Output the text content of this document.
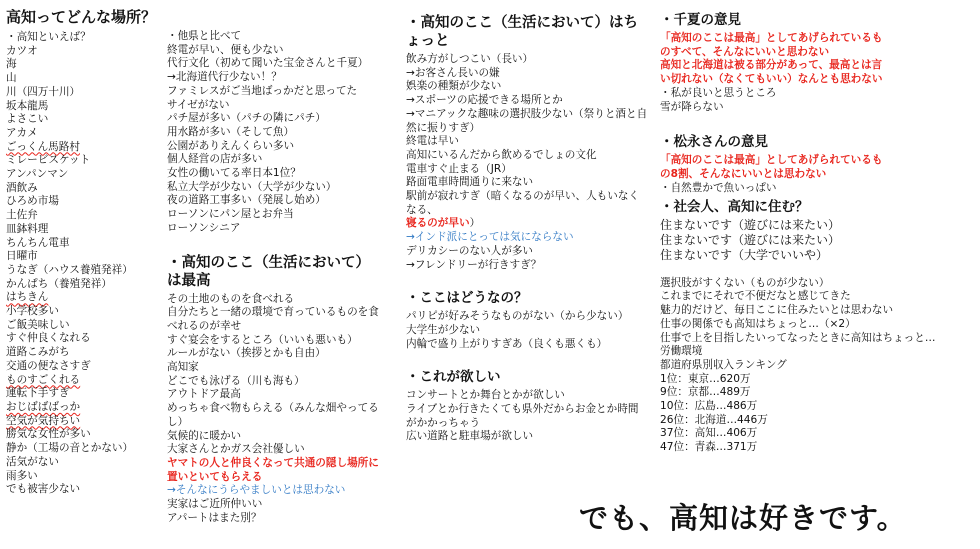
高知ってどんな場所？
・高知といえば？
カツオ
海
山
川（四万十川）
坂本龍馬
よさこい
アカメ
ごっくん馬路村
ミレービスケット
アンパンマン
酒飲み
ひろめ市場
土佐弁
皿鉢料理
ちんちん電車
日曜市
うなぎ（ハウス養殖発祥）
かんぱち（養殖発祥）
はちきん
小学校多い
ご飯美味しい
すぐ仲良くなれる
道路こみがち
交通の便なさすぎ
ものすごくれる
運転下手すぎ
おじばばばっか
空気が気持ちい
勝気な女性が多い
静か（工場の音とかない）
活気がない
雨多い
でも被害少ない
・他県と比べて
終電が早い、便も少ない
代行文化（初めて聞いた宝金さんと千夏）
→北海道代行少ない！？
ファミレスがご当地ばっかだと思ってた
サイゼがない
パチ屋が多い（パチの隣にパチ）
用水路が多い（そして魚）
公園がありえんくらい多い
個人経営の店が多い
女性の働いてる率日本1位？
私立大学が少ない（大学が少ない）
夜の道路工事多い（発展し始め）
ローソンにパン屋とお弁当
ローソンシニア
・高知のここ（生活において）は最高
その土地のものを食べれる
自分たちと一緒の環境で育っているものを食べれるのが幸せ
すぐ宴会をするところ（いいも悪いも）
ルールがない（挨拶とかも自由）
高知家
どこでも泳げる（川も海も）
アウトドア最高
めっちゃ食べ物もらえる（みんな畑やってるし）
気候的に暖かい
大家さんとかガス会社優しい
ヤマトの人と仲良くなって共通の隠し場所に置いといてもらえる
→そんなにうらやましいとは思わない
実家はご近所仲いい
アパートはまた別？
・高知のここ（生活において）はちょっと
飲み方がしつこい（長い）
→お客さん長いの嫌
娯楽の種類が少ない
→スポーツの応援できる場所とか
→マニアックな趣味の選択肢少ない（祭りと酒と自然に振りすぎ）
終電は早い
高知にいるんだから飲めるでしょの文化
電車すぐ止まる（JR）
路面電車時間通りに来ない
駅前が寂れすぎ（暗くなるのが早い、人もいなくなる、
寝るのが早い）
→インド派にとっては気にならない
デリカシーのない人が多い
→フレンドリーが行きすぎ？
・ここはどうなの？
パリピが好みそうなものがない（から少ない）
大学生が少ない
内輪で盛り上がりすぎあ（良くも悪くも）
・これが欲しい
コンサートとか舞台とかが欲しい
ライブとか行きたくても県外だからお金とか時間がかかっちゃう
広い道路と駐車場が欲しい
・千夏の意見
「高知のここは最高」としてあげられているものすべて、そんなにいいと思わない
高知と北海道は被る部分があって、最高とは言い切れない（なくてもいい）なんとも思わない
・私が良いと思うところ
雪が降らない
・松永さんの意見
「高知のここは最高」としてあげられているもの8割、そんなにいいとは思わない
・自然豊かで魚いっぱい
・社会人、高知に住む？
住まないです（遊びには来たい）
住まないです（遊びには来たい）
住まないです（大学でいいや）
選択肢がすくない（ものが少ない）
これまでにそれで不便だなと感じてきた
魅力的だけど、毎日ここに住みたいとは思わない
仕事の関係でも高知はちょっと…（×2）
仕事で上を目指したいってなったときに高知はちょっと…
労働環境
都道府県別収入ランキング
1位：東京…620万
9位：京都…489万
10位：広島…486万
26位：北海道…446万
37位：高知…406万
47位：青森…371万
でも、高知は好きです。
